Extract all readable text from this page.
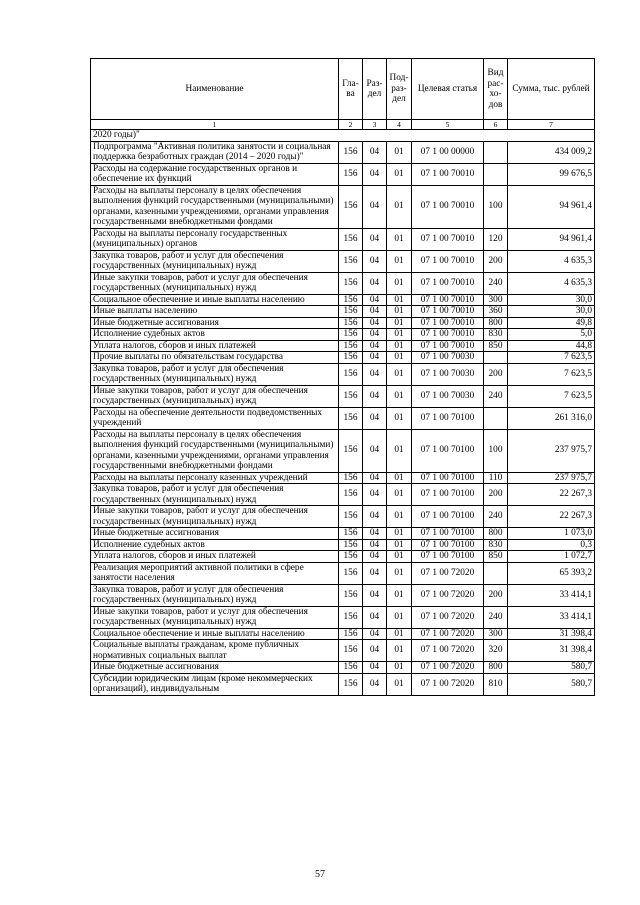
Наименование	Гла-ва	Раз-дел	Под-раз-дел	Целевая статья	Вид рас-хо-дов	Сумма, тыс. рублей
1	2	3	4	5	6	7
2020 годы)"						
Подпрограмма "Активная политика занятости и социальная поддержка безработных граждан (2014 – 2020 годы)"	156	04	01	07 1 00 00000		434 009,2
Расходы на содержание государственных органов и обеспечение их функций	156	04	01	07 1 00 70010		99 676,5
Расходы на выплаты персоналу в целях обеспечения выполнения функций государственными (муниципальными) органами, казенными учреждениями, органами управления государственными внебюджетными фондами	156	04	01	07 1 00 70010	100	94 961,4
Расходы на выплаты персоналу государственных (муниципальных) органов	156	04	01	07 1 00 70010	120	94 961,4
Закупка товаров, работ и услуг для обеспечения государственных (муниципальных) нужд	156	04	01	07 1 00 70010	200	4 635,3
Иные закупки товаров, работ и услуг для обеспечения государственных (муниципальных) нужд	156	04	01	07 1 00 70010	240	4 635,3
Социальное обеспечение и иные выплаты населению	156	04	01	07 1 00 70010	300	30,0
Иные выплаты населению	156	04	01	07 1 00 70010	360	30,0
Иные бюджетные ассигнования	156	04	01	07 1 00 70010	800	49,8
Исполнение судебных актов	156	04	01	07 1 00 70010	830	5,0
Уплата налогов, сборов и иных платежей	156	04	01	07 1 00 70010	850	44,8
Прочие выплаты по обязательствам государства	156	04	01	07 1 00 70030		7 623,5
Закупка товаров, работ и услуг для обеспечения государственных (муниципальных) нужд	156	04	01	07 1 00 70030	200	7 623,5
Иные закупки товаров, работ и услуг для обеспечения государственных (муниципальных) нужд	156	04	01	07 1 00 70030	240	7 623,5
Расходы на обеспечение деятельности подведомственных учреждений	156	04	01	07 1 00 70100		261 316,0
Расходы на выплаты персоналу в целях обеспечения выполнения функций государственными (муниципальными) органами, казенными учреждениями, органами управления государственными внебюджетными фондами	156	04	01	07 1 00 70100	100	237 975,7
Расходы на выплаты персоналу казенных учреждений	156	04	01	07 1 00 70100	110	237 975,7
Закупка товаров, работ и услуг для обеспечения государственных (муниципальных) нужд	156	04	01	07 1 00 70100	200	22 267,3
Иные закупки товаров, работ и услуг для обеспечения государственных (муниципальных) нужд	156	04	01	07 1 00 70100	240	22 267,3
Иные бюджетные ассигнования	156	04	01	07 1 00 70100	800	1 073,0
Исполнение судебных актов	156	04	01	07 1 00 70100	830	0,3
Уплата налогов, сборов и иных платежей	156	04	01	07 1 00 70100	850	1 072,7
Реализация мероприятий активной политики в сфере занятости населения	156	04	01	07 1 00 72020		65 393,2
Закупка товаров, работ и услуг для обеспечения государственных (муниципальных) нужд	156	04	01	07 1 00 72020	200	33 414,1
Иные закупки товаров, работ и услуг для обеспечения государственных (муниципальных) нужд	156	04	01	07 1 00 72020	240	33 414,1
Социальное обеспечение и иные выплаты населению	156	04	01	07 1 00 72020	300	31 398,4
Социальные выплаты гражданам, кроме публичных нормативных социальных выплат	156	04	01	07 1 00 72020	320	31 398,4
Иные бюджетные ассигнования	156	04	01	07 1 00 72020	800	580,7
Субсидии юридическим лицам (кроме некоммерческих организаций), индивидуальным	156	04	01	07 1 00 72020	810	580,7
57
